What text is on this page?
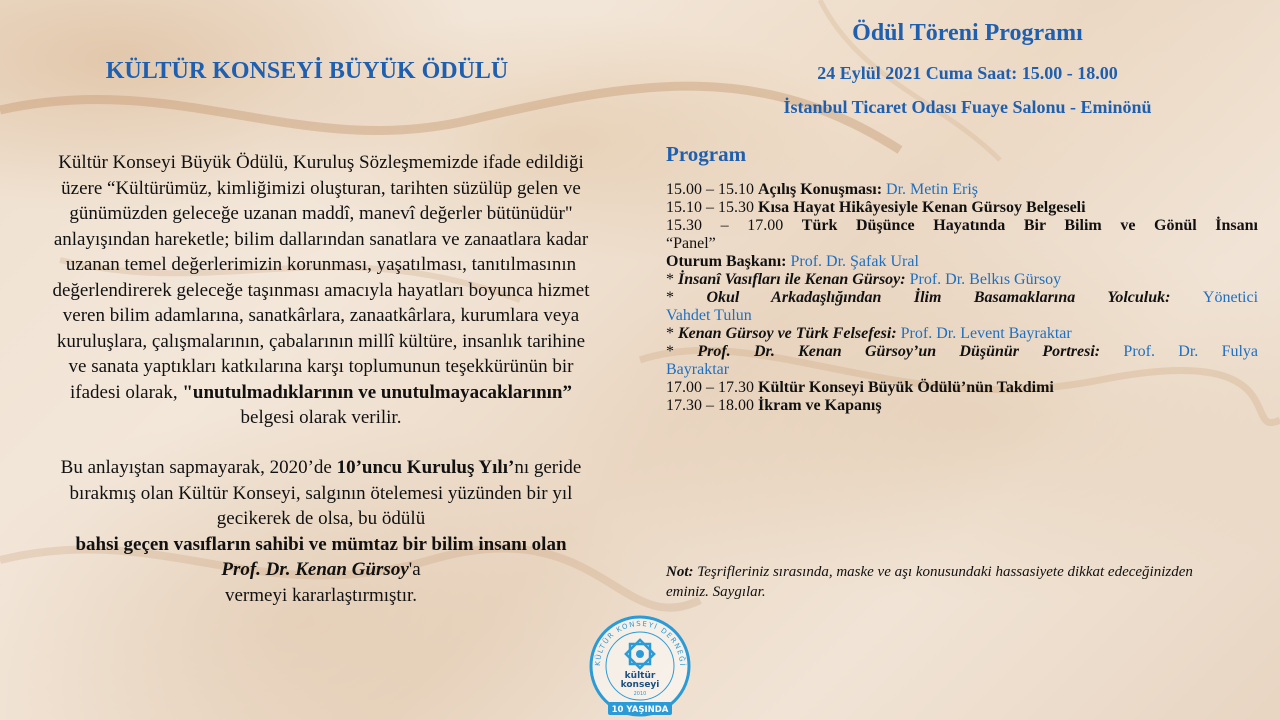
KÜLTÜR KONSEYİ BÜYÜK ÖDÜLÜ
Kültür Konseyi Büyük Ödülü, Kuruluş Sözleşmemizde ifade edildiği
üzere “Kültürümüz, kimliğimizi oluşturan, tarihten süzülüp gelen ve
günümüzden geleceğe uzanan maddî, manevî değerler bütünüdür"
anlayışından hareketle; bilim dallarından sanatlara ve zanaatlara kadar
uzanan temel değerlerimizin korunması, yaşatılması, tanıtılmasının
değerlendirerek geleceğe taşınması amacıyla hayatları boyunca hizmet
veren bilim adamlarına, sanatkârlara, zanaatkârlara, kurumlara veya
kuruluşlara, çalışmalarının, çabalarının millî kültüre, insanlık tarihine
ve sanata yaptıkları katkılarına karşı toplumunun teşekkürünün bir
ifadesi olarak, "unutulmadıklarının ve unutulmayacaklarının”
belgesi olarak verilir.
Bu anlayıştan sapmayarak, 2020’de 10’uncu Kuruluş Yılı’nı geride
bırakmış olan Kültür Konseyi, salgının ötelemesi yüzünden bir yıl
gecikerek de olsa, bu ödülü
bahsi geçen vasıfların sahibi ve mümtaz bir bilim insanı olan
Prof. Dr. Kenan Gürsoy'a
vermeyi kararlaştırmıştır.
Ödül Töreni Programı
24 Eylül 2021 Cuma Saat: 15.00 - 18.00
İstanbul Ticaret Odası Fuaye Salonu - Eminönü
Program
15.00 – 15.10 Açılış Konuşması: Dr. Metin Eriş
15.10 – 15.30 Kısa Hayat Hikâyesiyle Kenan Gürsoy Belgeseli
15.30 – 17.00 Türk Düşünce Hayatında Bir Bilim ve Gönül İnsanı
“Panel”
Oturum Başkanı: Prof. Dr. Şafak Ural
* İnsanî Vasıfları ile Kenan Gürsoy: Prof. Dr. Belkıs Gürsoy
* Okul Arkadaşlığından İlim Basamaklarına Yolculuk: Yönetici
Vahdet Tulun
* Kenan Gürsoy ve Türk Felsefesi: Prof. Dr. Levent Bayraktar
* Prof. Dr. Kenan Gürsoy’un Düşünür Portresi: Prof. Dr. Fulya
Bayraktar
17.00 – 17.30 Kültür Konseyi Büyük Ödülü’nün Takdimi
17.30 – 18.00 İkram ve Kapanış
Not: Teşrifleriniz sırasında, maske ve aşı konusundaki hassasiyete dikkat edeceğinizden eminiz. Saygılar.
KÜLTÜR KONSEYİ DERNEĞİ
kültür
konseyi
2010
10 YAŞINDA
